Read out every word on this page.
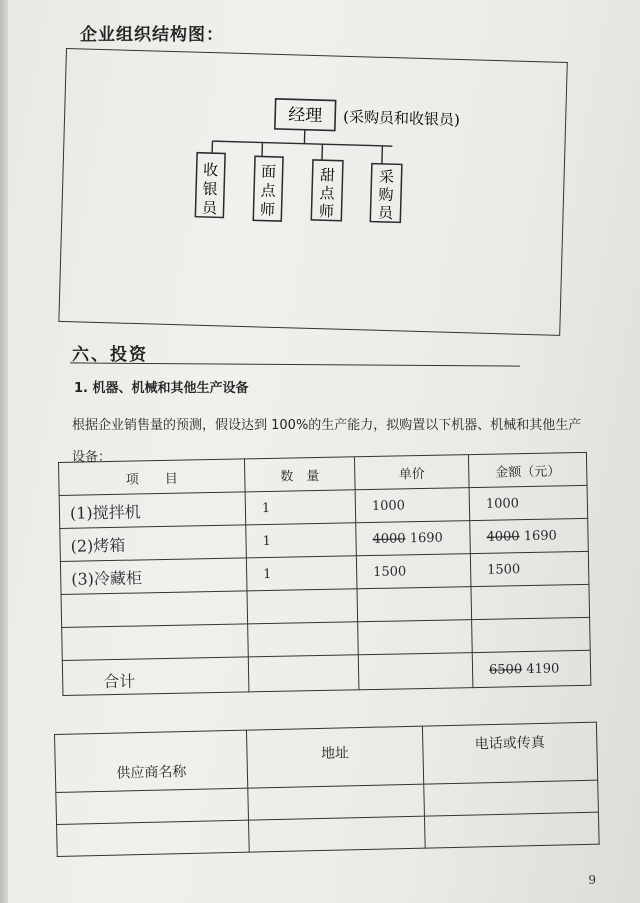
企业组织结构图：
经理 (采购员和收银员)
收银员
面点师
甜点师
采购员
六、投资
1. 机器、机械和其他生产设备
根据企业销售量的预测，假设达到 100%的生产能力，拟购置以下机器、机械和其他生产设备：
项　　目	数　量	单价	金额（元）
(1)搅拌机	1	1000	1000
(2)烤箱	1	4000 1690	4000 1690
(3)冷藏柜	1	1500	1500

合计			6500 4190
供应商名称	地址	电话或传真

9
